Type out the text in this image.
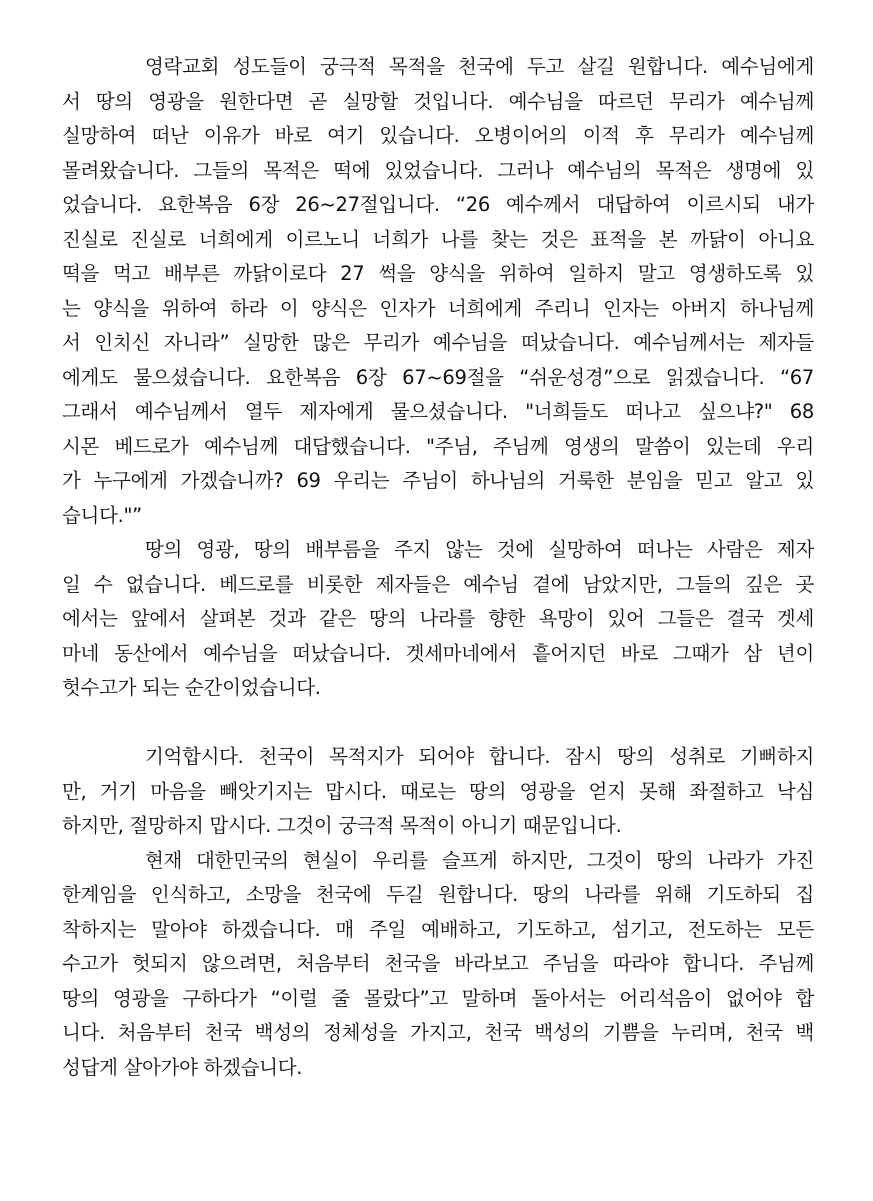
영락교회 성도들이 궁극적 목적을 천국에 두고 살길 원합니다. 예수님에게
서 땅의 영광을 원한다면 곧 실망할 것입니다. 예수님을 따르던 무리가 예수님께
실망하여 떠난 이유가 바로 여기 있습니다. 오병이어의 이적 후 무리가 예수님께
몰려왔습니다. 그들의 목적은 떡에 있었습니다. 그러나 예수님의 목적은 생명에 있
었습니다. 요한복음 6장 26~27절입니다. “26 예수께서 대답하여 이르시되 내가
진실로 진실로 너희에게 이르노니 너희가 나를 찾는 것은 표적을 본 까닭이 아니요
떡을 먹고 배부른 까닭이로다 27 썩을 양식을 위하여 일하지 말고 영생하도록 있
는 양식을 위하여 하라 이 양식은 인자가 너희에게 주리니 인자는 아버지 하나님께
서 인치신 자니라” 실망한 많은 무리가 예수님을 떠났습니다. 예수님께서는 제자들
에게도 물으셨습니다. 요한복음 6장 67~69절을 “쉬운성경”으로 읽겠습니다. “67
그래서 예수님께서 열두 제자에게 물으셨습니다. "너희들도 떠나고 싶으냐?" 68
시몬 베드로가 예수님께 대답했습니다. "주님, 주님께 영생의 말씀이 있는데 우리
가 누구에게 가겠습니까? 69 우리는 주님이 하나님의 거룩한 분임을 믿고 알고 있
습니다."”
땅의 영광, 땅의 배부름을 주지 않는 것에 실망하여 떠나는 사람은 제자
일 수 없습니다. 베드로를 비롯한 제자들은 예수님 곁에 남았지만, 그들의 깊은 곳
에서는 앞에서 살펴본 것과 같은 땅의 나라를 향한 욕망이 있어 그들은 결국 겟세
마네 동산에서 예수님을 떠났습니다. 겟세마네에서 흩어지던 바로 그때가 삼 년이
헛수고가 되는 순간이었습니다.
기억합시다. 천국이 목적지가 되어야 합니다. 잠시 땅의 성취로 기뻐하지
만, 거기 마음을 빼앗기지는 맙시다. 때로는 땅의 영광을 얻지 못해 좌절하고 낙심
하지만, 절망하지 맙시다. 그것이 궁극적 목적이 아니기 때문입니다.
현재 대한민국의 현실이 우리를 슬프게 하지만, 그것이 땅의 나라가 가진
한계임을 인식하고, 소망을 천국에 두길 원합니다. 땅의 나라를 위해 기도하되 집
착하지는 말아야 하겠습니다. 매 주일 예배하고, 기도하고, 섬기고, 전도하는 모든
수고가 헛되지 않으려면, 처음부터 천국을 바라보고 주님을 따라야 합니다. 주님께
땅의 영광을 구하다가 “이럴 줄 몰랐다”고 말하며 돌아서는 어리석음이 없어야 합
니다. 처음부터 천국 백성의 정체성을 가지고, 천국 백성의 기쁨을 누리며, 천국 백
성답게 살아가야 하겠습니다.
